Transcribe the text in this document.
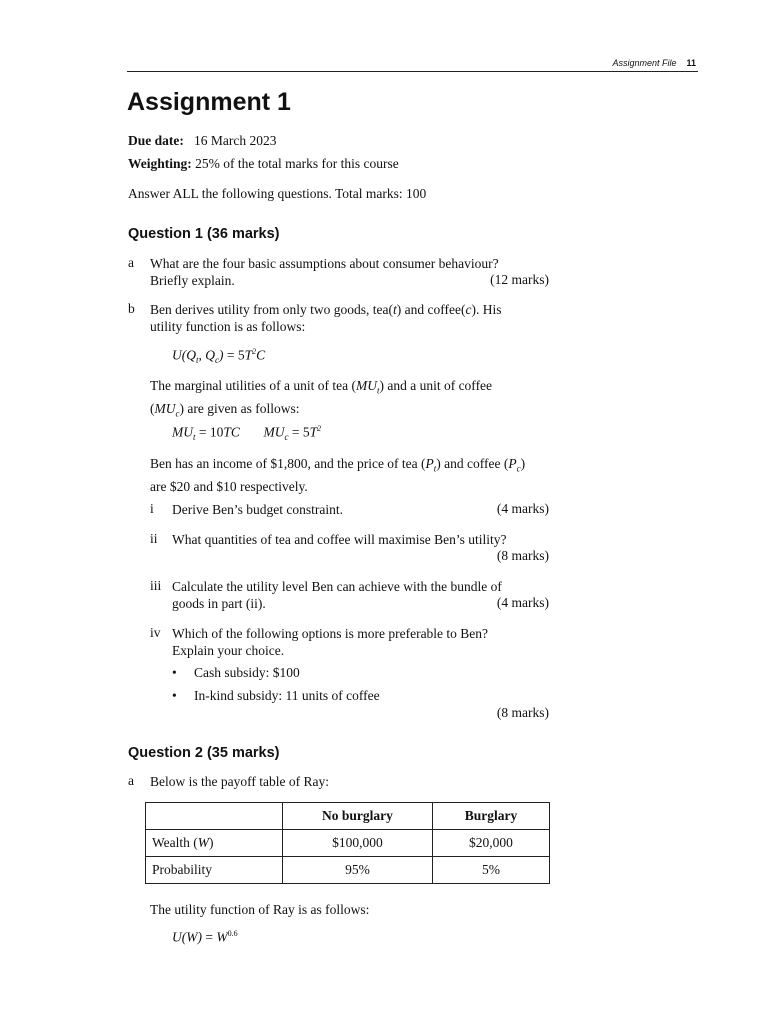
Assignment File 11
Assignment 1
Due date: 16 March 2023
Weighting: 25% of the total marks for this course
Answer ALL the following questions. Total marks: 100
Question 1 (36 marks)
a What are the four basic assumptions about consumer behaviour?
Briefly explain.	(12 marks)
b Ben derives utility from only two goods, tea(t) and coffee(c). His
utility function is as follows:
$U(Q_t$, $Q_c) = 5T^2C$
The marginal utilities of a unit of tea $(MU_t)$ and a unit of coffee
$(MU_c)$ are given as follows:
$MU_t = 10TC$       $MU_c = 5T^2$
Ben has an income of $1,800, and the price of tea $(P_t)$ and coffee $(P_c)$
are $20 and $10 respectively.
i Derive Ben’s budget constraint.	(4 marks)
ii What quantities of tea and coffee will maximise Ben’s utility?
(8 marks)
iii Calculate the utility level Ben can achieve with the bundle of
goods in part (ii).	(4 marks)
iv Which of the following options is more preferable to Ben?
Explain your choice.
• Cash subsidy: $100
• In-kind subsidy: 11 units of coffee
(8 marks)
Question 2 (35 marks)
a Below is the payoff table of Ray:
	No burglary	Burglary
Wealth (W)	$100,000	$20,000
Probability	95%	5%
The utility function of Ray is as follows:
$U(W) = W^{0.6}$
